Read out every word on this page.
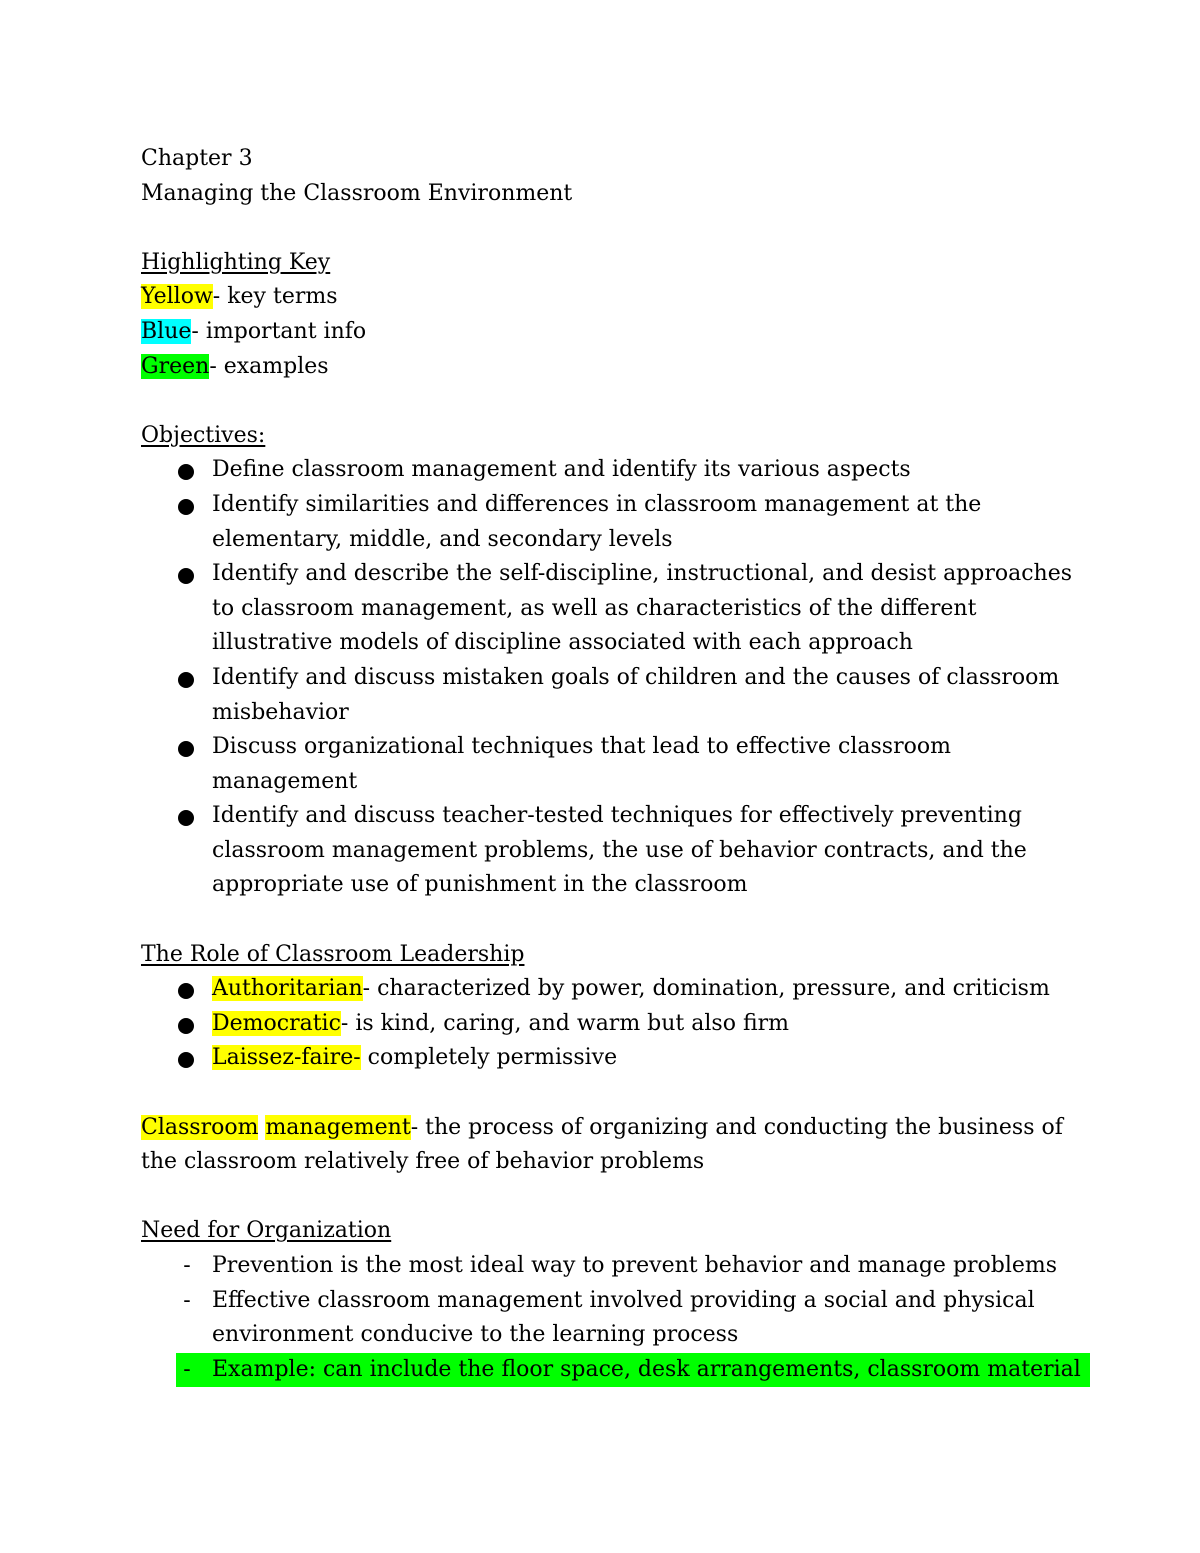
Chapter 3
Managing the Classroom Environment
Highlighting Key
Yellow- key terms
Blue- important info
Green- examples
Objectives:
Define classroom management and identify its various aspects
Identify similarities and differences in classroom management at the
elementary, middle, and secondary levels
Identify and describe the self-discipline, instructional, and desist approaches
to classroom management, as well as characteristics of the different
illustrative models of discipline associated with each approach
Identify and discuss mistaken goals of children and the causes of classroom
misbehavior
Discuss organizational techniques that lead to effective classroom
management
Identify and discuss teacher-tested techniques for effectively preventing
classroom management problems, the use of behavior contracts, and the
appropriate use of punishment in the classroom
The Role of Classroom Leadership
Authoritarian- characterized by power, domination, pressure, and criticism
Democratic- is kind, caring, and warm but also firm
Laissez-faire- completely permissive
Classroom management- the process of organizing and conducting the business of
the classroom relatively free of behavior problems
Need for Organization
- Prevention is the most ideal way to prevent behavior and manage problems
- Effective classroom management involved providing a social and physical
environment conducive to the learning process
- Example: can include the floor space, desk arrangements, classroom material
